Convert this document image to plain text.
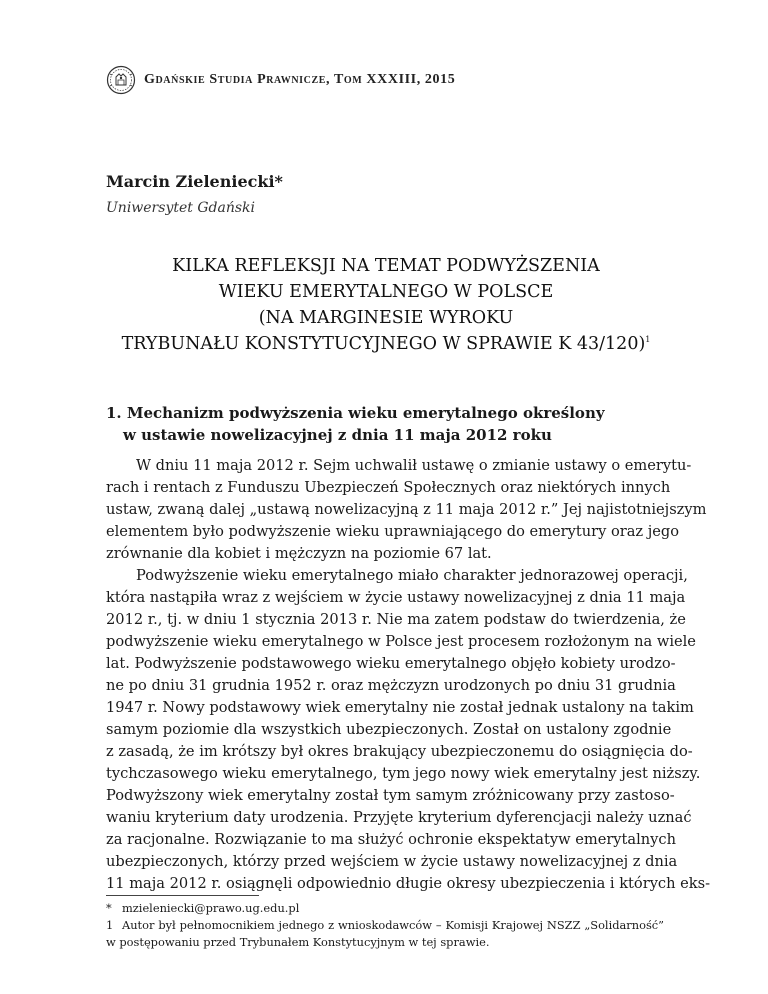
Gdańskie Studia Prawnicze, Tom XXXIII, 2015
Marcin Zieleniecki*
Uniwersytet Gdański
KILKA REFLEKSJI NA TEMAT PODWYŻSZENIA
WIEKU EMERYTALNEGO W POLSCE
(NA MARGINESIE WYROKU
TRYBUNAŁU KONSTYTUCYJNEGO W SPRAWIE K 43/120)$^1$
1. Mechanizm podwyższenia wieku emerytalnego określony
w ustawie nowelizacyjnej z dnia 11 maja 2012 roku
W dniu 11 maja 2012 r. Sejm uchwalił ustawę o zmianie ustawy o emerytu-
rach i rentach z Funduszu Ubezpieczeń Społecznych oraz niektórych innych
ustaw, zwaną dalej „ustawą nowelizacyjną z 11 maja 2012 r.” Jej najistotniejszym
elementem było podwyższenie wieku uprawniającego do emerytury oraz jego
zrównanie dla kobiet i mężczyzn na poziomie 67 lat.
Podwyższenie wieku emerytalnego miało charakter jednorazowej operacji,
która nastąpiła wraz z wejściem w życie ustawy nowelizacyjnej z dnia 11 maja
2012 r., tj. w dniu 1 stycznia 2013 r. Nie ma zatem podstaw do twierdzenia, że
podwyższenie wieku emerytalnego w Polsce jest procesem rozłożonym na wiele
lat. Podwyższenie podstawowego wieku emerytalnego objęło kobiety urodzo-
ne po dniu 31 grudnia 1952 r. oraz mężczyzn urodzonych po dniu 31 grudnia
1947 r. Nowy podstawowy wiek emerytalny nie został jednak ustalony na takim
samym poziomie dla wszystkich ubezpieczonych. Został on ustalony zgodnie
z zasadą, że im krótszy był okres brakujący ubezpieczonemu do osiągnięcia do-
tychczasowego wieku emerytalnego, tym jego nowy wiek emerytalny jest niższy.
Podwyższony wiek emerytalny został tym samym zróżnicowany przy zastoso-
waniu kryterium daty urodzenia. Przyjęte kryterium dyferencjacji należy uznać
za racjonalne. Rozwiązanie to ma służyć ochronie ekspektatyw emerytalnych
ubezpieczonych, którzy przed wejściem w życie ustawy nowelizacyjnej z dnia
11 maja 2012 r. osiągnęli odpowiednio długie okresy ubezpieczenia i których eks-
* mzieleniecki@prawo.ug.edu.pl
1 Autor był pełnomocnikiem jednego z wnioskodawców – Komisji Krajowej NSZZ „Solidarność”
w postępowaniu przed Trybunałem Konstytucyjnym w tej sprawie.
